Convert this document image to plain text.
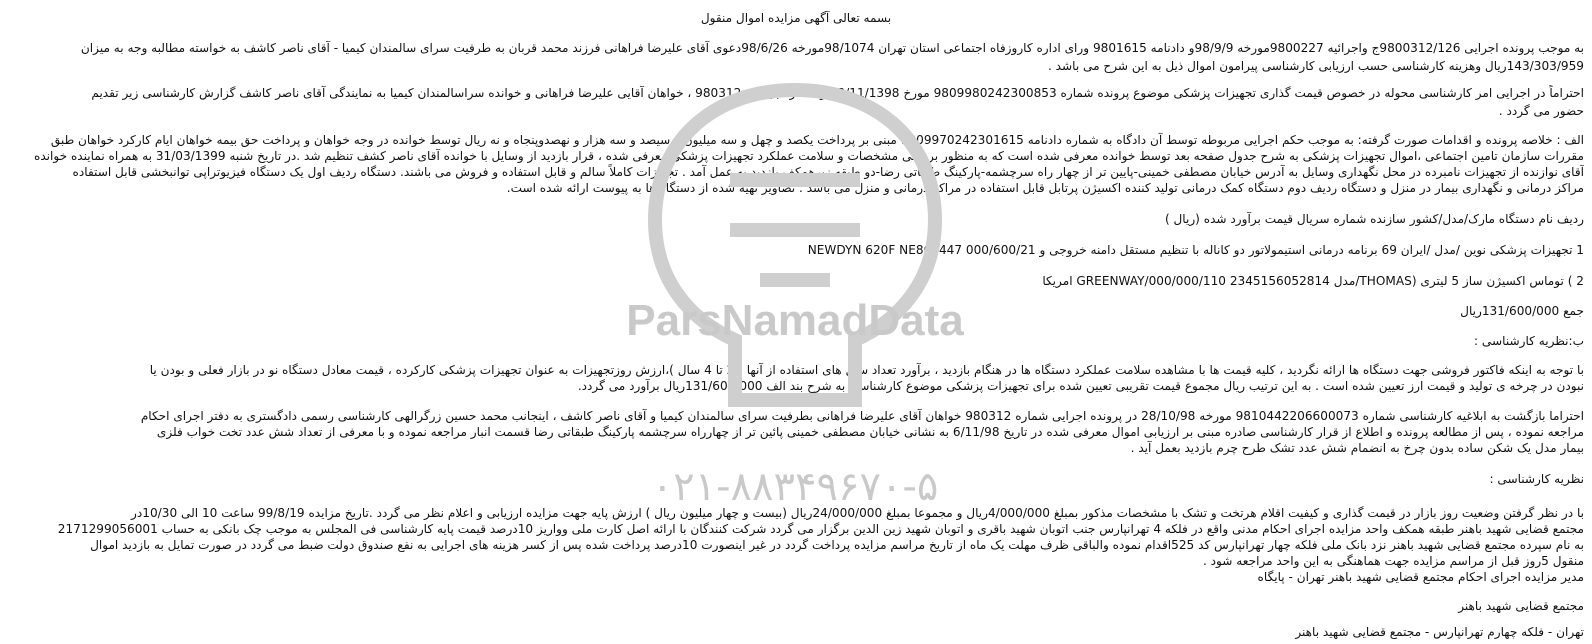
بسمه تعالی آگهی مزایده اموال منقول
به موجب پرونده اجرایی 9800312/126ج واجرائیه 9800227مورخه 98/9/9و دادنامه 9801615 ورای اداره کاروزفاه اجتماعی استان تهران 98/1074مورخه 98/6/26دعوی آقای علیرضا فراهانی فرزند محمد قربان به طرفیت سرای سالمندان کیمیا - آقای ناصر کاشف به خواسته مطالبه وجه به میزان
143/303/959ریال وهزینه کارشناسی حسب ارزیابی کارشناسی پیرامون اموال ذیل به این شرح می باشد .
احتراماً در اجرایی امر کارشناسی محوله در خصوص قیمت گذاری تجهیزات پزشکی موضوع پرونده شماره 9809980242300853 مورخ 23/11/1398 و شماره بایگانی 980312 ، خواهان آقایی علیرضا فراهانی و خوانده سراسالمندان کیمیا به نمایندگی آقای ناصر کاشف گزارش کارشناسی زیر تقدیم
حضور می گردد .
الف : خلاصه پرونده و اقدامات صورت گرفته: به موجب حکم اجرایی مربوطه توسط آن دادگاه به شماره دادنامه 9809970242301615 مبنی بر پرداخت یکصد و چهل و سه میلیون و سیصد و سه هزار و نهصدوپنجاه و نه ریال توسط خوانده در وجه خواهان و پرداخت حق بیمه خواهان ایام کارکرد خواهان طبق
مقررات سازمان تامین اجتماعی ،اموال تجهیزات پزشکی به شرح جدول صفحه بعد توسط خوانده معرفی شده است که به منظور بررسی مشخصات و سلامت عملکرد تجهیزات پزشکی معرفی شده ، قرار بازدید از وسایل با خوانده آقای ناصر کشف تنظیم شد .در تاریخ شنبه 31/03/1399 به همراه نماینده خوانده
آقای نوازنده از تجهیزات نامبرده در محل نگهداری وسایل به آدرس خیابان مصطفی خمینی-پایین تر از چهار راه سرچشمه-پارکینگ طبقاتی رضا-دو طبقه زیرهمکف بازدید به عمل آمد . تجهیزات کاملاً سالم و قابل استفاده و فروش می باشند. دستگاه ردیف اول یک دستگاه فیزیوتراپی توانبخشی قابل استفاده
مراکز درمانی و نگهداری بیمار در منزل و دستگاه ردیف دوم دستگاه کمک درمانی تولید کننده اکسیژن پرتابل قابل استفاده در مراکز درمانی و منزل می باشد . تصاویر تهیه شده از دستگاه ها به پیوست ارائه شده است.
ردیف نام دستگاه مارک/مدل/کشور سازنده شماره سریال قیمت برآورد شده (ریال )
1 تجهیزات پزشکی نوین /مدل /ایران 69 برنامه درمانی استیمولاتور دو کاناله با تنظیم مستقل دامنه خروجی و NEWDYN 620F NE865447 000/600/21
2 ) توماس اکسیژن ساز 5 لیتری (THOMAS/مدل GREENWAY/000/000/110 2345156052814 امریکا
جمع 131/600/000ریال
ب:نظریه کارشناسی :
با توجه به اینکه فاکتور فروشی جهت دستگاه ها ارائه نگردید ، کلیه قیمت ها با مشاهده سلامت عملکرد دستگاه ها در هنگام بازدید ، برآورد تعداد سال های استفاده از آنها ( 2 تا 4 سال )،ارزش روزتجهیزات به عنوان تجهیزات پزشکی کارکرده ، قیمت معادل دستگاه نو در بازار فعلی و بودن یا
نبودن در چرخه ی تولید و قیمت ارز تعیین شده است . به این ترتیب ریال مجموع قیمت تقریبی تعیین شده برای تجهیزات پزشکی موضوع کارشناسی به شرح بند الف 131/600/000ریال برآورد می گردد.
احتراما بازگشت به ابلاغیه کارشناسی شماره 9810442206600073 مورخه 28/10/98 در پرونده اجرایی شماره 980312 خواهان آقای علیرضا فراهانی بطرفیت سرای سالمندان کیمیا و آقای ناصر کاشف ، اینجانب محمد حسین زرگرالهی کارشناسی رسمی دادگستری به دفتر اجرای احکام
مراجعه نموده ، پس از مطالعه پرونده و اطلاع از قرار کارشناسی صادره مبنی بر ارزیابی اموال معرفی شده در تاریخ 6/11/98 به نشانی خیابان مصطفی خمینی پائین تر از چهارراه سرچشمه پارکینگ طبقاتی رضا قسمت انبار مراجعه نموده و با معرفی از تعداد شش عدد تخت خواب فلزی
بیمار مدل یک شکن ساده بدون چرخ به انضمام شش عدد تشک طرح چرم بازدید بعمل آید .
نظریه کارشناسی :
با در نظر گرفتن وضعیت روز بازار در قیمت گذاری و کیفیت اقلام هرتخت و تشک با مشخصات مذکور بمبلغ 4/000/000ریال و مجموعا بمبلغ 24/000/000ریال (بیست و چهار میلیون ریال ) ارزش پایه جهت مزایده ارزیابی و اعلام نظر می گردد .تاریخ مزایده 99/8/19 ساعت 10 الی 10/30در
مجتمع قضایی شهید باهنر طبقه همکف واحد مزایده اجرای احکام مدنی واقع در فلکه 4 تهرانپارس جنب اتوبان شهید باقری و اتوبان شهید زین الدین برگزار می گردد شرکت کنندگان با ارائه اصل کارت ملی وواریز 10درصد قیمت پایه کارشناسی فی المجلس به موجب چک بانکی به حساب 2171299056001
به نام سپرده مجتمع قضایی شهید باهنر نزد بانک ملی فلکه چهار تهرانپارس کد 525اقدام نموده والباقی ظرف مهلت یک ماه از تاریخ مراسم مزایده پرداخت گردد در غیر اینصورت 10درصد پرداخت شده پس از کسر هزینه های اجرایی به نفع صندوق دولت ضبط می گردد در صورت تمایل به بازدید اموال
منقول 5روز قبل از مراسم مزایده جهت هماهنگی به این واحد مراجعه شود .
مدیر مزایده اجرای احکام مجتمع قضایی شهید باهنر تهران - پایگاه
مجتمع قضایی شهید باهنر
تهران - فلکه چهارم تهرانپارس - مجتمع قضایی شهید باهنر
ParsNamadData
۰۲۱-۸۸۳۴۹۶۷۰-۵
